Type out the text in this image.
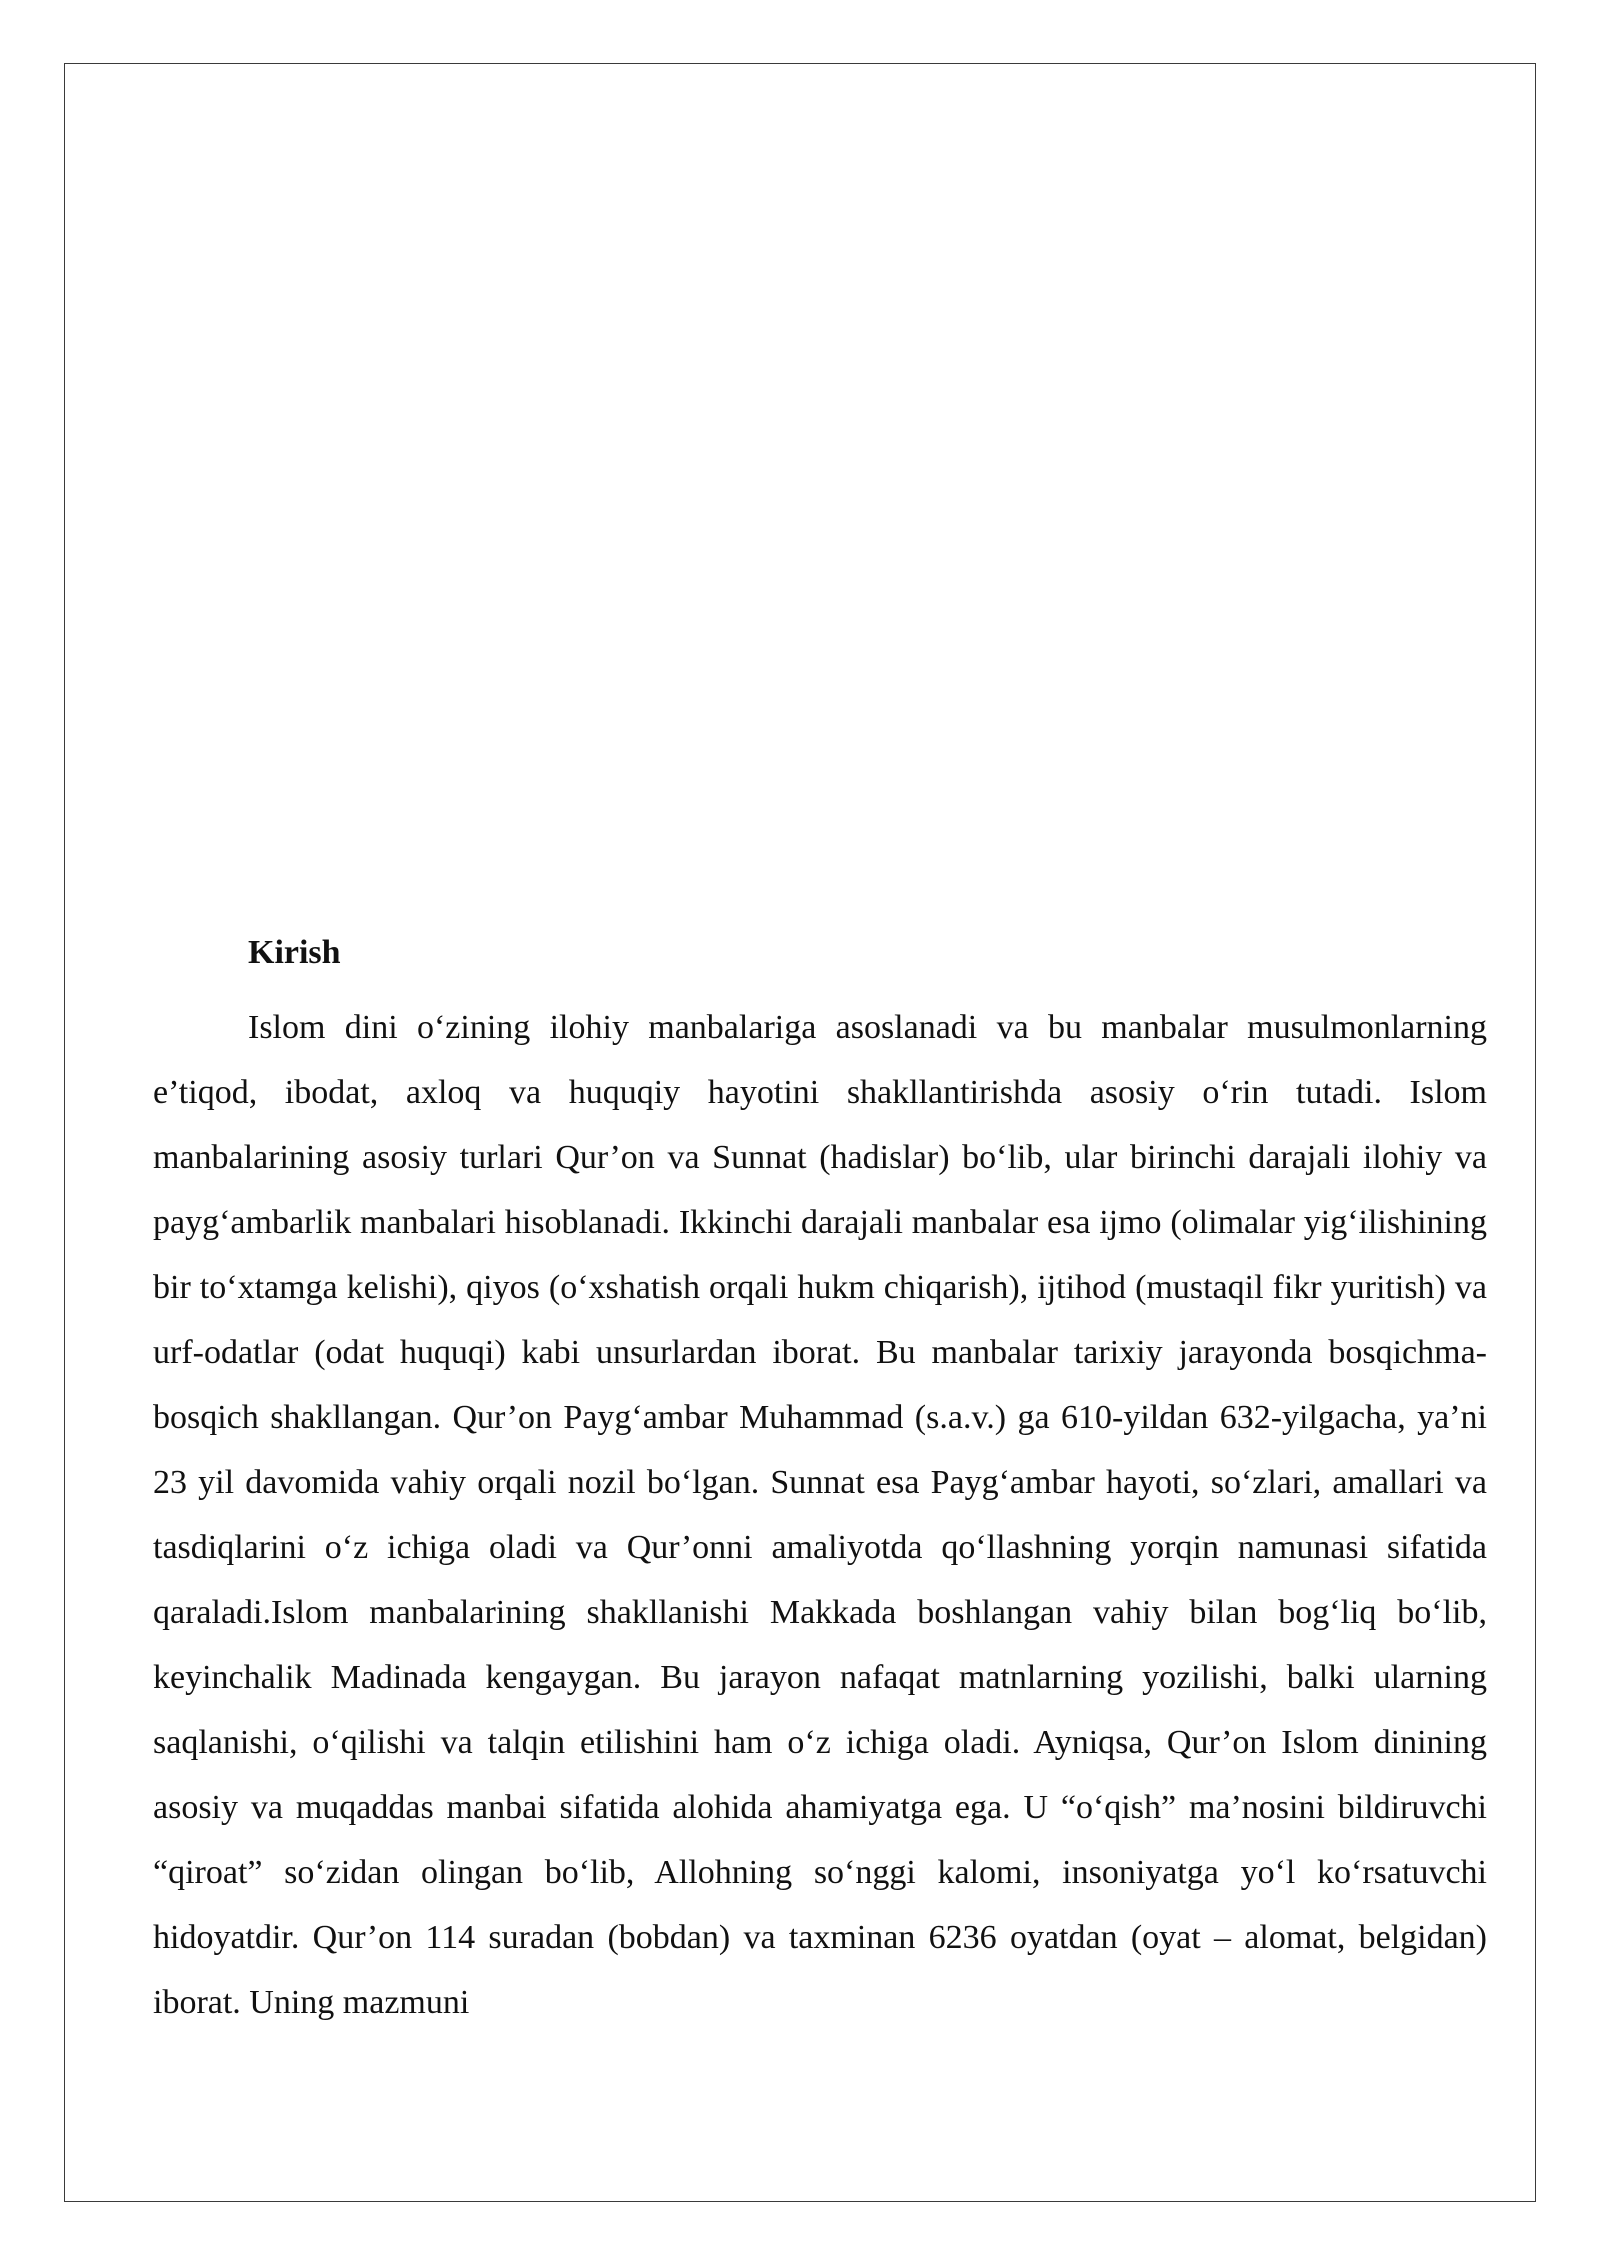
Kirish

Islom dini o‘zining ilohiy manbalariga asoslanadi va bu manbalar musulmonlarning e’tiqod, ibodat, axloq va huquqiy hayotini shakllantirishda asosiy o‘rin tutadi. Islom manbalarining asosiy turlari Qur’on va Sunnat (hadislar) bo‘lib, ular birinchi darajali ilohiy va payg‘ambarlik manbalari hisoblanadi. Ikkinchi darajali manbalar esa ijmo (olimalar yig‘ilishining bir to‘xtamga kelishi), qiyos (o‘xshatish orqali hukm chiqarish), ijtihod (mustaqil fikr yuritish) va urf-odatlar (odat huquqi) kabi unsurlardan iborat. Bu manbalar tarixiy jarayonda bosqichma-bosqich shakllangan. Qur’on Payg‘ambar Muhammad (s.a.v.) ga 610-yildan 632-yilgacha, ya’ni 23 yil davomida vahiy orqali nozil bo‘lgan. Sunnat esa Payg‘ambar hayoti, so‘zlari, amallari va tasdiqlarini o‘z ichiga oladi va Qur’onni amaliyotda qo‘llashning yorqin namunasi sifatida qaraladi.Islom manbalarining shakllanishi Makkada boshlangan vahiy bilan bog‘liq bo‘lib, keyinchalik Madinada kengaygan. Bu jarayon nafaqat matnlarning yozilishi, balki ularning saqlanishi, o‘qilishi va talqin etilishini ham o‘z ichiga oladi. Ayniqsa, Qur’on Islom dinining asosiy va muqaddas manbai sifatida alohida ahamiyatga ega. U “o‘qish” ma’nosini bildiruvchi “qiroat” so‘zidan olingan bo‘lib, Allohning so‘nggi kalomi, insoniyatga yo‘l ko‘rsatuvchi hidoyatdir. Qur’on 114 suradan (bobdan) va taxminan 6236 oyatdan (oyat – alomat, belgidan) iborat. Uning mazmuni
